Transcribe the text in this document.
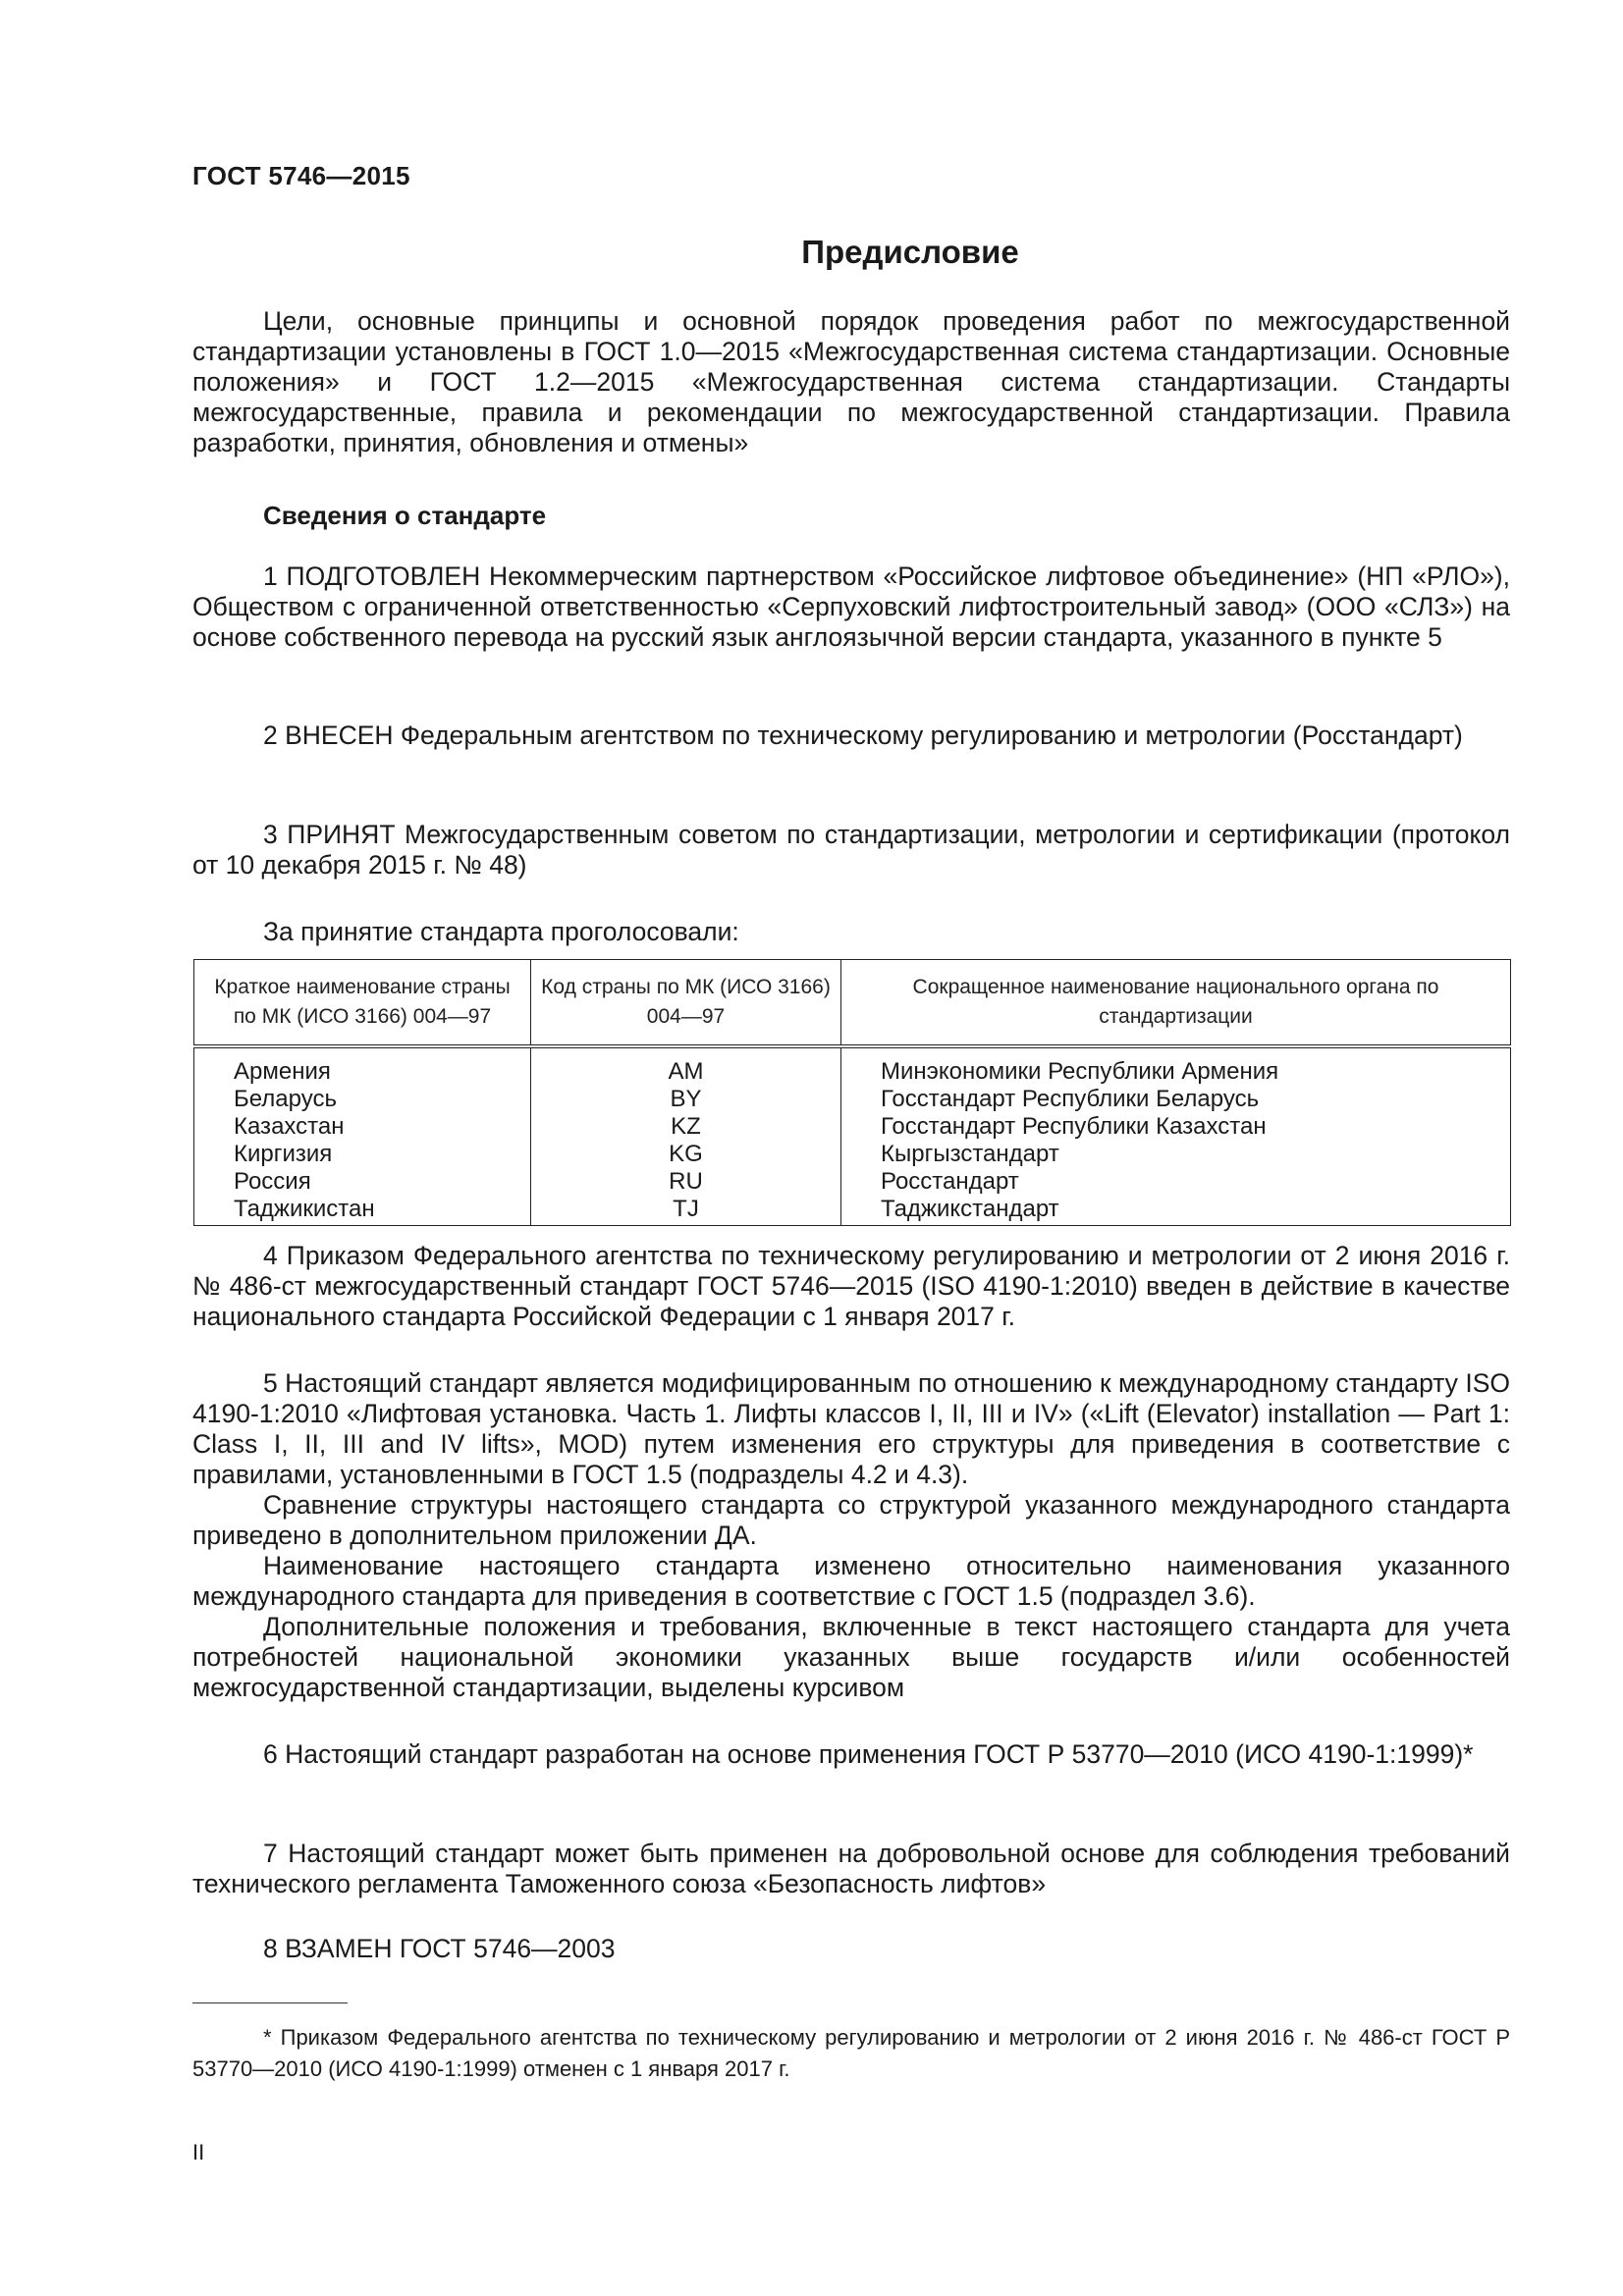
ГОСТ 5746—2015
Предисловие
Цели, основные принципы и основной порядок проведения работ по межгосударственной стандартизации установлены в ГОСТ 1.0—2015 «Межгосударственная система стандартизации. Основные положения» и ГОСТ 1.2—2015 «Межгосударственная система стандартизации. Стандарты межгосударственные, правила и рекомендации по межгосударственной стандартизации. Правила разработки, принятия, обновления и отмены»
Сведения о стандарте
1 ПОДГОТОВЛЕН Некоммерческим партнерством «Российское лифтовое объединение» (НП «РЛО»), Обществом с ограниченной ответственностью «Серпуховский лифтостроительный завод» (ООО «СЛЗ») на основе собственного перевода на русский язык англоязычной версии стандарта, указанного в пункте 5
2 ВНЕСЕН Федеральным агентством по техническому регулированию и метрологии (Росстандарт)
3 ПРИНЯТ Межгосударственным советом по стандартизации, метрологии и сертификации (протокол от 10 декабря 2015 г. № 48)
За принятие стандарта проголосовали:
Краткое наименование страны по МК (ИСО 3166) 004—97	Код страны по МК (ИСО 3166) 004—97	Сокращенное наименование национального органа по стандартизации
Армения	AM	Минэкономики Республики Армения
Беларусь	BY	Госстандарт Республики Беларусь
Казахстан	KZ	Госстандарт Республики Казахстан
Киргизия	KG	Кыргызстандарт
Россия	RU	Росстандарт
Таджикистан	TJ	Таджикстандарт
4 Приказом Федерального агентства по техническому регулированию и метрологии от 2 июня 2016 г. № 486-ст межгосударственный стандарт ГОСТ 5746—2015 (ISO 4190-1:2010) введен в действие в качестве национального стандарта Российской Федерации с 1 января 2017 г.
5 Настоящий стандарт является модифицированным по отношению к международному стандарту ISO 4190-1:2010 «Лифтовая установка. Часть 1. Лифты классов I, II, III и IV» («Lift (Elevator) installation — Part 1: Class I, II, III and IV lifts», MOD) путем изменения его структуры для приведения в соответствие с правилами, установленными в ГОСТ 1.5 (подразделы 4.2 и 4.3).
Сравнение структуры настоящего стандарта со структурой указанного международного стандарта приведено в дополнительном приложении ДА.
Наименование настоящего стандарта изменено относительно наименования указанного международного стандарта для приведения в соответствие с ГОСТ 1.5 (подраздел 3.6).
Дополнительные положения и требования, включенные в текст настоящего стандарта для учета потребностей национальной экономики указанных выше государств и/или особенностей межгосударственной стандартизации, выделены курсивом
6 Настоящий стандарт разработан на основе применения ГОСТ Р 53770—2010 (ИСО 4190-1:1999)*
7 Настоящий стандарт может быть применен на добровольной основе для соблюдения требований технического регламента Таможенного союза «Безопасность лифтов»
8 ВЗАМЕН ГОСТ 5746—2003
* Приказом Федерального агентства по техническому регулированию и метрологии от 2 июня 2016 г. № 486-ст ГОСТ Р 53770—2010 (ИСО 4190-1:1999) отменен с 1 января 2017 г.
II
